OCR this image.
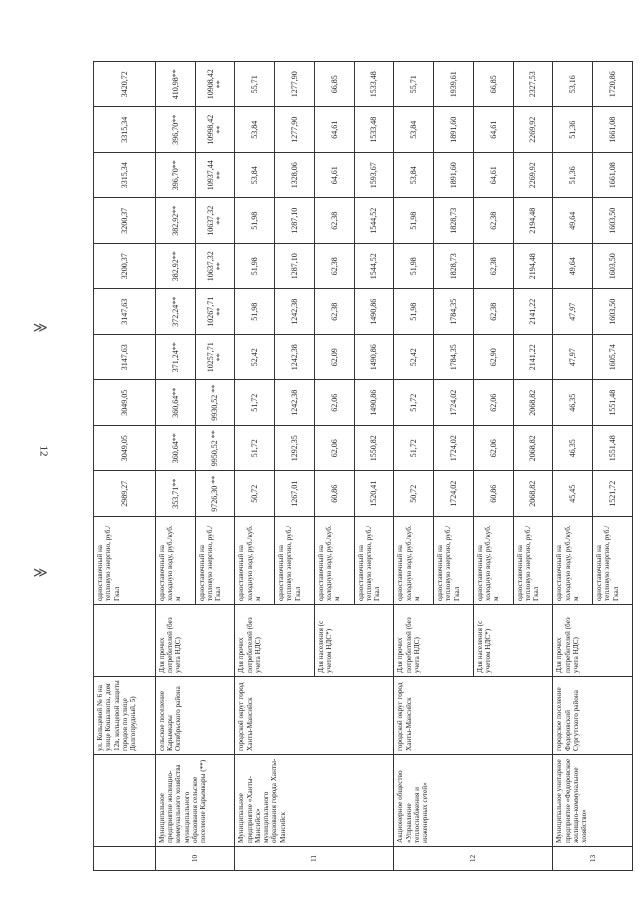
12
≫
≫
		ул. Кольцевой № 6 на улице Кошалюпа, дом 12в, кольцевой защиты городов по улице Долгопрудный, 5)		одноставочный на тепловую энергию, руб./ Гкал	2989,27	3049,05	3049,05	3147,63	3147,63	3200,37	3200,37	3315,34	3315,34	3420,72
10	Муниципальное предприятие жилищно-коммунального хозяйства муниципального образования сельское поселение Карымкары (**)	сельское поселение Карымкары Октябрьского района	Для прочих потребителей (без учета НДС)	одноставочный на холодную воду, руб./куб. м	353,71**	360,64**	360,64**	371,24**	372,24**	382,92**	382,92**	396,70**	396,70**	410,98**
				одноставочный на тепловую энергию, руб./ Гкал	9726,30 **	9950,52 **	9930,52 **	10257,71 **	10267,71 **	10637,32 **	10637,32 **	10937,44 **	10998,42 **	10908,42 **
11	Муниципальное предприятие «Ханты-Мансийск» муниципального образования города Ханты-Мансийск	городской округ город Ханты-Мансийск	Для прочих потребителей (без учета НДС)	одноставочный на холодную воду, руб./куб. м	50,72	51,72	51,72	52,42	51,98	51,98	51,98	53,84	53,84	55,71
				одноставочный на тепловую энергию, руб./ Гкал	1267,01	1292,35	1242,38	1242,38	1242,38	1287,10	1287,10	1328,06	1277,90	1277,90
			Для населения (с учетом НДС*)	одноставочный на холодную воду, руб./куб. м	60,86	62,06	62,06	62,09	62,38	62,38	62,38	64,61	64,61	66,85
				одноставочный на тепловую энергию, руб./ Гкал	1520,41	1550,82	1490,86	1490,86	1490,86	1544,52	1544,52	1593,67	1533,48	1533,48
12	Акционерное общество «Управление теплоснабжения и инженерных сетей»	городской округ город Ханты-Мансийск	Для прочих потребителей (без учета НДС)	одноставочный на холодную воду, руб./куб. м	50,72	51,72	51,72	52,42	51,98	51,98	51,98	53,84	53,84	55,71
				одноставочный на тепловую энергию, руб./ Гкал	1724,02	1724,02	1724,02	1784,35	1784,35	1828,73	1828,73	1891,60	1891,60	1939,61
			Для населения (с учетом НДС*)	одноставочный на холодную воду, руб./куб. м	60,86	62,06	62,06	62,90	62,38	62,38	62,38	64,61	64,61	66,85
				одноставочный на тепловую энергию, руб./ Гкал	2068,82	2068,82	2068,82	2141,22	2141,22	2194,48	2194,48	2269,92	2269,92	2327,53
13	Муниципальное унитарное предприятие «Федоровское жилищно-коммунальное хозяйство»	городское поселение Федоровский Сургутского района	Для прочих потребителей (без учета НДС)	одноставочный на холодную воду, руб./куб. м	45,45	46,35	46,35	47,97	47,97	49,64	49,64	51,36	51,36	53,16
				одноставочный на тепловую энергию, руб./ Гкал	1521,72	1551,48	1551,48	1605,74	1603,50	1603,50	1603,50	1661,08	1661,08	1720,86
